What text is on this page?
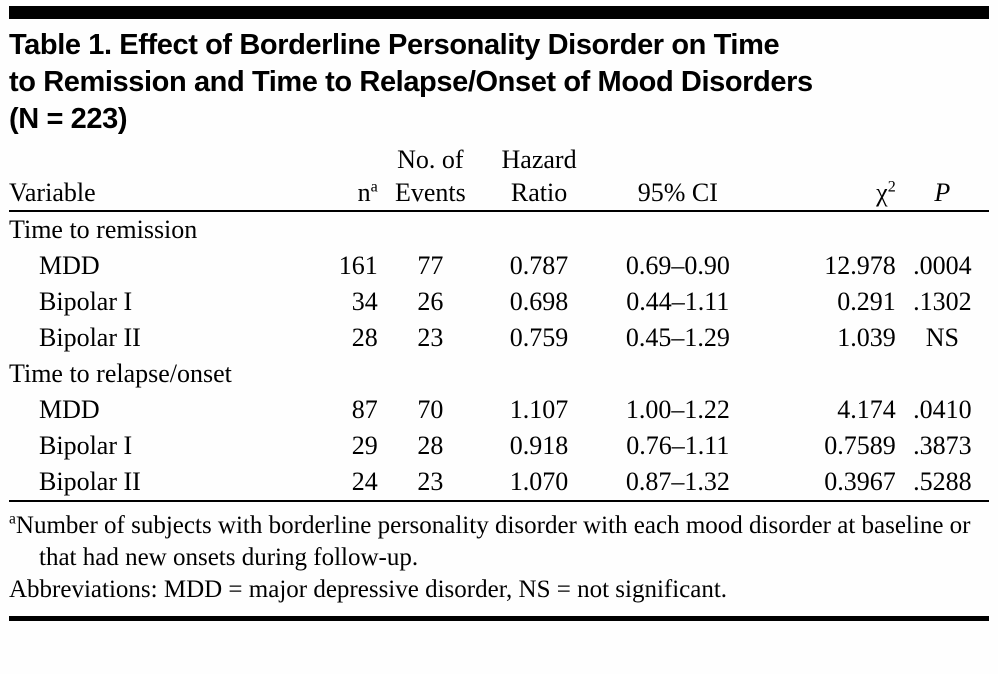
Table 1. Effect of Borderline Personality Disorder on Time
to Remission and Time to Relapse/Onset of Mood Disorders
(N = 223)
		No. of	Hazard			
Variable	$n^a$	Events	Ratio	95% CI	$\chi^2$	P
Time to remission						
MDD	161	77	0.787	0.69–0.90	12.978	.0004
Bipolar I	34	26	0.698	0.44–1.11	0.291	.1302
Bipolar II	28	23	0.759	0.45–1.29	1.039	NS
Time to relapse/onset						
MDD	87	70	1.107	1.00–1.22	4.174	.0410
Bipolar I	29	28	0.918	0.76–1.11	0.7589	.3873
Bipolar II	24	23	1.070	0.87–1.32	0.3967	.5288

$^a$Number of subjects with borderline personality disorder with each mood disorder at baseline or that had new onsets during follow-up.

Abbreviations: MDD = major depressive disorder, NS = not significant.
